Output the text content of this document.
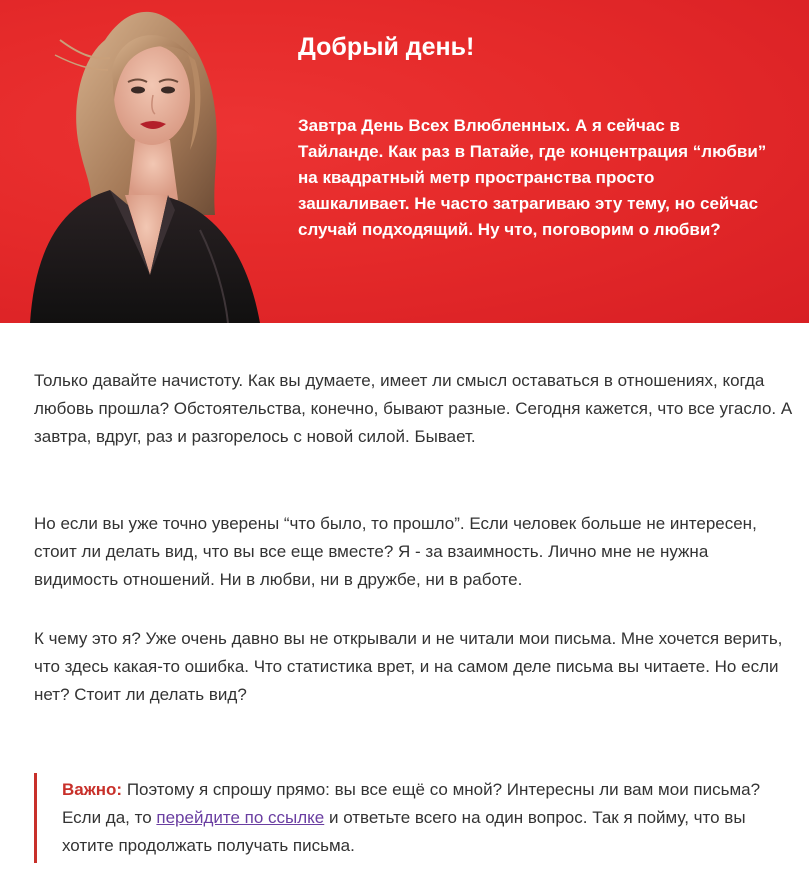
Добрый день!

Завтра День Всех Влюбленных. А я сейчас в Тайланде. Как раз в Патайе, где концентрация “любви” на квадратный метр пространства просто зашкаливает. Не часто затрагиваю эту тему, но сейчас случай подходящий. Ну что, поговорим о любви?

Только давайте начистоту. Как вы думаете, имеет ли смысл оставаться в отношениях, когда любовь прошла? Обстоятельства, конечно, бывают разные. Сегодня кажется, что все угасло. А завтра, вдруг, раз и разгорелось с новой силой. Бывает.

Но если вы уже точно уверены “что было, то прошло”. Если человек больше не интересен, стоит ли делать вид, что вы все еще вместе? Я - за взаимность. Лично мне не нужна видимость отношений. Ни в любви, ни в дружбе, ни в работе.

К чему это я? Уже очень давно вы не открывали и не читали мои письма. Мне хочется верить, что здесь какая-то ошибка. Что статистика врет, и на самом деле письма вы читаете. Но если нет? Стоит ли делать вид?

Важно: Поэтому я спрошу прямо: вы все ещё со мной? Интересны ли вам мои письма? Если да, то перейдите по ссылке и ответьте всего на один вопрос. Так я пойму, что вы хотите продолжать получать письма.
